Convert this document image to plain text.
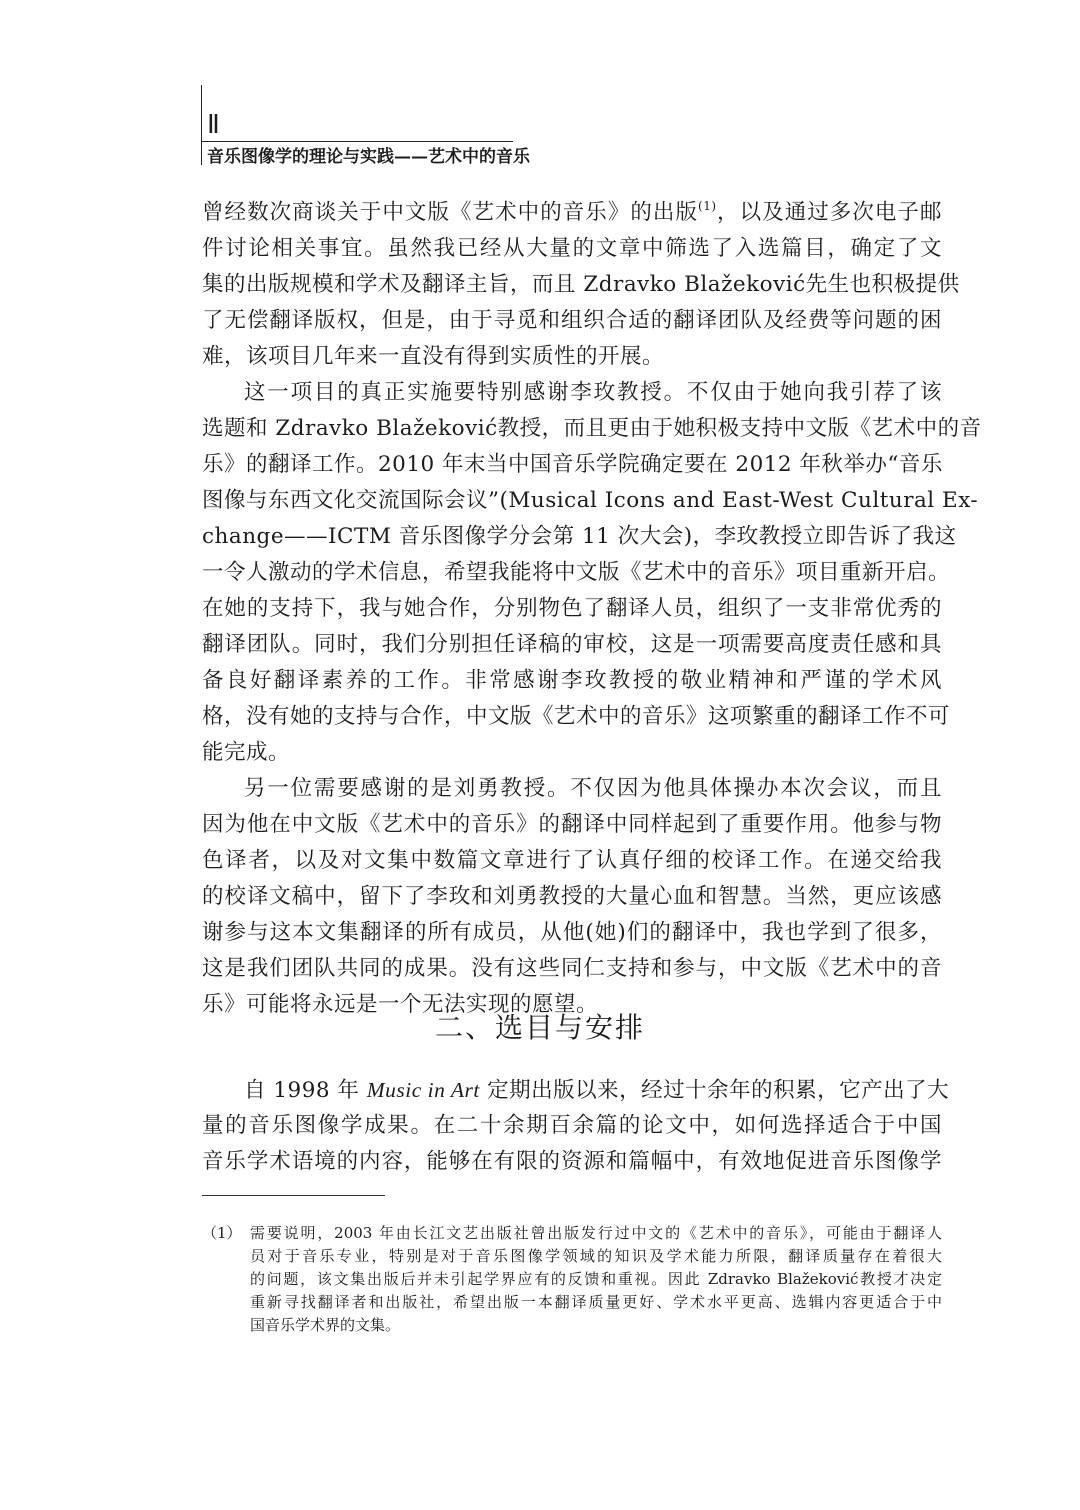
Ⅱ
音乐图像学的理论与实践——艺术中的音乐
曾经数次商谈关于中文版《艺术中的音乐》的出版$^{(1)}$，以及通过多次电子邮
件讨论相关事宜。虽然我已经从大量的文章中筛选了入选篇目，确定了文
集的出版规模和学术及翻译主旨，而且 Zdravko Blažeković先生也积极提供
了无偿翻译版权，但是，由于寻觅和组织合适的翻译团队及经费等问题的困
难，该项目几年来一直没有得到实质性的开展。
这一项目的真正实施要特别感谢李玫教授。不仅由于她向我引荐了该
选题和 Zdravko Blažeković教授，而且更由于她积极支持中文版《艺术中的音
乐》的翻译工作。2010 年末当中国音乐学院确定要在 2012 年秋举办“音乐
图像与东西文化交流国际会议”(Musical Icons and East-West Cultural Ex-
change——ICTM 音乐图像学分会第 11 次大会)，李玫教授立即告诉了我这
一令人激动的学术信息，希望我能将中文版《艺术中的音乐》项目重新开启。
在她的支持下，我与她合作，分别物色了翻译人员，组织了一支非常优秀的
翻译团队。同时，我们分别担任译稿的审校，这是一项需要高度责任感和具
备良好翻译素养的工作。非常感谢李玫教授的敬业精神和严谨的学术风
格，没有她的支持与合作，中文版《艺术中的音乐》这项繁重的翻译工作不可
能完成。
另一位需要感谢的是刘勇教授。不仅因为他具体操办本次会议，而且
因为他在中文版《艺术中的音乐》的翻译中同样起到了重要作用。他参与物
色译者，以及对文集中数篇文章进行了认真仔细的校译工作。在递交给我
的校译文稿中，留下了李玫和刘勇教授的大量心血和智慧。当然，更应该感
谢参与这本文集翻译的所有成员，从他(她)们的翻译中，我也学到了很多，
这是我们团队共同的成果。没有这些同仁支持和参与，中文版《艺术中的音
乐》可能将永远是一个无法实现的愿望。
二、选目与安排
自 1998 年 Music in Art 定期出版以来，经过十余年的积累，它产出了大
量的音乐图像学成果。在二十余期百余篇的论文中，如何选择适合于中国
音乐学术语境的内容，能够在有限的资源和篇幅中，有效地促进音乐图像学
（1） 需要说明，2003 年由长江文艺出版社曾出版发行过中文的《艺术中的音乐》，可能由于翻译人
员对于音乐专业，特别是对于音乐图像学领域的知识及学术能力所限，翻译质量存在着很大
的问题，该文集出版后并未引起学界应有的反馈和重视。因此 Zdravko Blažeković教授才决定
重新寻找翻译者和出版社，希望出版一本翻译质量更好、学术水平更高、选辑内容更适合于中
国音乐学术界的文集。
